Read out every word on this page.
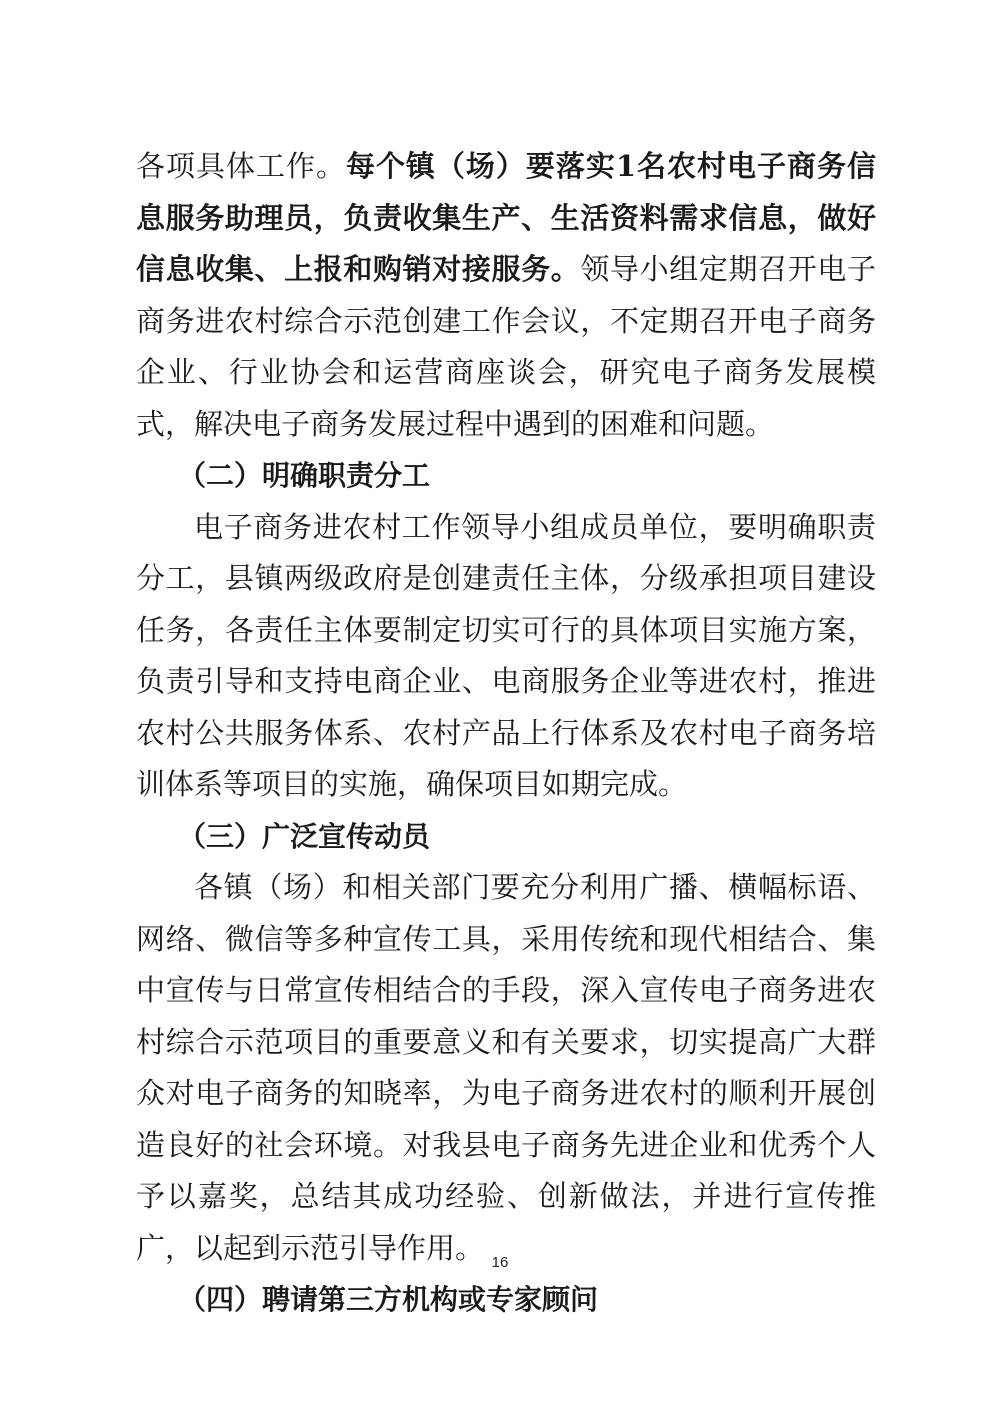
各项具体工作。每个镇（场）要落实1名农村电子商务信息服务助理员，负责收集生产、生活资料需求信息，做好信息收集、上报和购销对接服务。领导小组定期召开电子商务进农村综合示范创建工作会议，不定期召开电子商务企业、行业协会和运营商座谈会，研究电子商务发展模式，解决电子商务发展过程中遇到的困难和问题。

（二）明确职责分工

电子商务进农村工作领导小组成员单位，要明确职责分工，县镇两级政府是创建责任主体，分级承担项目建设任务，各责任主体要制定切实可行的具体项目实施方案，负责引导和支持电商企业、电商服务企业等进农村，推进农村公共服务体系、农村产品上行体系及农村电子商务培训体系等项目的实施，确保项目如期完成。

（三）广泛宣传动员

各镇（场）和相关部门要充分利用广播、横幅标语、网络、微信等多种宣传工具，采用传统和现代相结合、集中宣传与日常宣传相结合的手段，深入宣传电子商务进农村综合示范项目的重要意义和有关要求，切实提高广大群众对电子商务的知晓率，为电子商务进农村的顺利开展创造良好的社会环境。对我县电子商务先进企业和优秀个人予以嘉奖，总结其成功经验、创新做法，并进行宣传推广，以起到示范引导作用。

（四）聘请第三方机构或专家顾问

16
